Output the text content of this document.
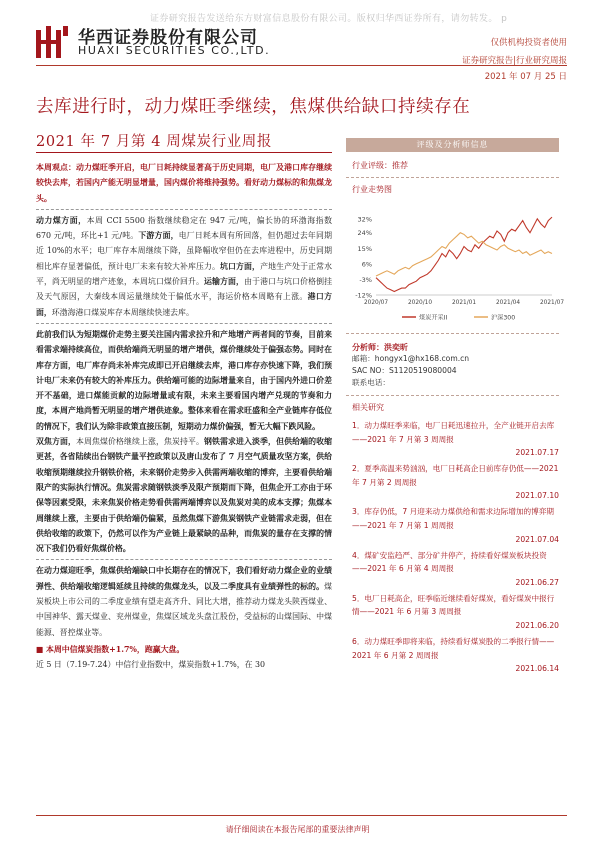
证券研究报告发送给东方财富信息股份有限公司。版权归华西证券所有，请勿转发。 p
华西证券股份有限公司
HUAXI SECURITIES CO.,LTD.
仅供机构投资者使用
证券研究报告|行业研究周报
2021 年 07 月 25 日
去库进行时，动力煤旺季继续，焦煤供给缺口持续存在
2021 年 7 月第 4 周煤炭行业周报

本周观点：动力煤旺季开启，电厂日耗持续显著高于历史同期，电厂及港口库存继续较快去库，若国内产能无明显增量，国内煤价将维持强势。看好动力煤标的和焦煤龙头。

动力煤方面，本周 CCI 5500 指数继续稳定在 947 元/吨，偏长协的环渤海指数 670 元/吨，环比+1 元/吨。下游方面，电厂日耗本周有所回落，但仍超过去年同期近 10%的水平；电厂库存本周继续下降，虽降幅收窄但仍在去库进程中，历史同期相比库存显著偏低，预计电厂未来有较大补库压力。坑口方面，产地生产处于正常水平，尚无明显的增产迹象，本周坑口煤价回升。运输方面，由于港口与坑口价格倒挂及天气原因，大秦线本周运量继续处于偏低水平，海运价格本周略有上涨。港口方面，环渤海港口煤炭库存本周继续快速去库。

此前我们认为短期煤价走势主要关注国内需求拉升和产地增产两者间的节奏，目前来看需求端持续高位，而供给端尚无明显的增产增供，煤价继续处于偏强态势。同时在库存方面，电厂库存尚未补库完成即已开启继续去库，港口库存亦快速下降，我们预计电厂未来仍有较大的补库压力。供给端可能的边际增量来自，由于国内外进口价差开不基础，进口煤能贡献的边际增量或有限，未来主要看国内增产兑现的节奏和力度，本周产地尚暂无明显的增产增供迹象。整体来看在需求旺盛和全产业链库存低位的情况下，我们认为除非政策直接压制，短期动力煤价偏强，暂无大幅下跌风险。

双焦方面，本周焦煤价格继续上涨，焦炭持平。钢铁需求进入淡季，但供给端的收缩更甚，各省陆续出台钢铁产量平控政策以及唐山发布了 7 月空气质量攻坚方案，供给收缩预期继续拉升钢铁价格，未来钢价走势步入供需两端收缩的博弈，主要看供给端限产的实际执行情况。焦炭需求随钢铁淡季及限产预期而下降，但焦企开工亦由于环保等因素受限，未来焦炭价格走势看供需两端博弈以及焦炭对美的成本支撑；焦煤本周继续上涨，主要由于供给端仍偏紧，虽然焦煤下游焦炭钢铁产业链需求走弱，但在供给收缩的政策下，仍然可以作为产业链上最紧缺的品种，而焦炭的量存在支撑的情况下我们仍看好焦煤价格。

在动力煤迎旺季，焦煤供给端缺口中长期存在的情况下，我们看好动力煤企业的业绩弹性、供给端收缩逻辑延续且持续的焦煤龙头，以及二季度具有业绩弹性的标的。煤炭板块上市公司的二季度业绩有望走高齐升、同比大增，推荐动力煤龙头陕西煤业、中国神华、露天煤业、兖州煤业，焦煤区域龙头盘江股份，受益标的山煤国际、中煤能源、晋控煤业等。

■ 本周中信煤炭指数+1.7%，跑赢大盘。

近 5 日（7.19-7.24）中信行业指数中，煤炭指数+1.7%，在 30

评级及分析师信息
行业评级：推荐
行业走势图
32%
24%
15%
6%
-3%
-12%
2020/07	2020/10	2021/01	2021/04	2021/07
煤炭开采II	沪深300
分析师：洪奕昕
邮箱：hongyx1@hx168.com.cn
SAC NO：S1120519080004
联系电话：
相关研究
1．动力煤旺季来临，电厂日耗迅速拉升，全产业链开启去库——2021 年 7 月第 3 周周报
2021.07.17
2．夏季高温来势汹汹，电厂日耗高企日前库存仍低——2021 年 7 月第 2 周周报
2021.07.10
3．库存仍低，7 月迎来动力煤供给和需求边际增加的博弈期——2021 年 7 月第 1 周周报
2021.07.04
4．煤矿安监趋严、部分矿井停产，持续看好煤炭板块投资——2021 年 6 月第 4 周周报
2021.06.27
5．电厂日耗高企，旺季临近继续看好煤炭，看好煤炭中报行情——2021 年 6 月第 3 周周报
2021.06.20
6．动力煤旺季即将来临，持续看好煤炭股的二季报行情——2021 年 6 月第 2 周周报
2021.06.14
请仔细阅读在本报告尾部的重要法律声明
